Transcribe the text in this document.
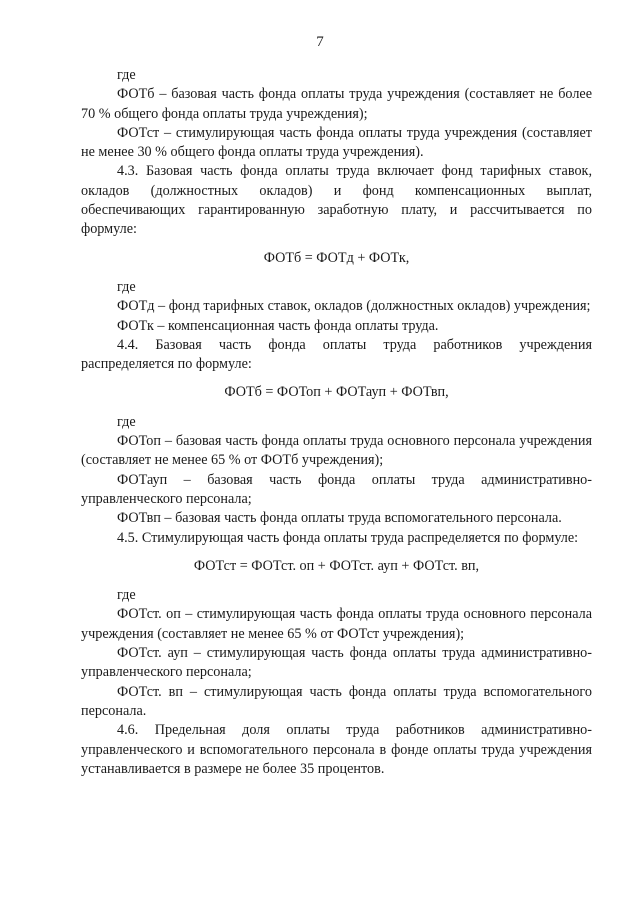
7

где

ФОТб – базовая часть фонда оплаты труда учреждения (составляет не более 70 % общего фонда оплаты труда учреждения);

ФОТст – стимулирующая часть фонда оплаты труда учреждения (составляет не менее 30 % общего фонда оплаты труда учреждения).

4.3. Базовая часть фонда оплаты труда включает фонд тарифных ставок, окладов (должностных окладов) и фонд компенсационных выплат, обеспечивающих гарантированную заработную плату, и рассчитывается по формуле:

ФОТб = ФОТд + ФОТк,

где

ФОТд – фонд тарифных ставок, окладов (должностных окладов) учреждения;

ФОТк – компенсационная часть фонда оплаты труда.

4.4. Базовая часть фонда оплаты труда работников учреждения распределяется по формуле:

ФОТб = ФОТоп + ФОТауп + ФОТвп,

где

ФОТоп – базовая часть фонда оплаты труда основного персонала учреждения (составляет не менее 65 % от ФОТб учреждения);

ФОТауп – базовая часть фонда оплаты труда административно-управленческого персонала;

ФОТвп – базовая часть фонда оплаты труда вспомогательного персонала.

4.5. Стимулирующая часть фонда оплаты труда распределяется по формуле:

ФОТст = ФОТст. оп + ФОТст. ауп + ФОТст. вп,

где

ФОТст. оп – стимулирующая часть фонда оплаты труда основного персонала учреждения (составляет не менее 65 % от ФОТст учреждения);

ФОТст. ауп – стимулирующая часть фонда оплаты труда административно-управленческого персонала;

ФОТст. вп – стимулирующая часть фонда оплаты труда вспомогательного персонала.

4.6. Предельная доля оплаты труда работников административно-управленческого и вспомогательного персонала в фонде оплаты труда учреждения устанавливается в размере не более 35 процентов.
